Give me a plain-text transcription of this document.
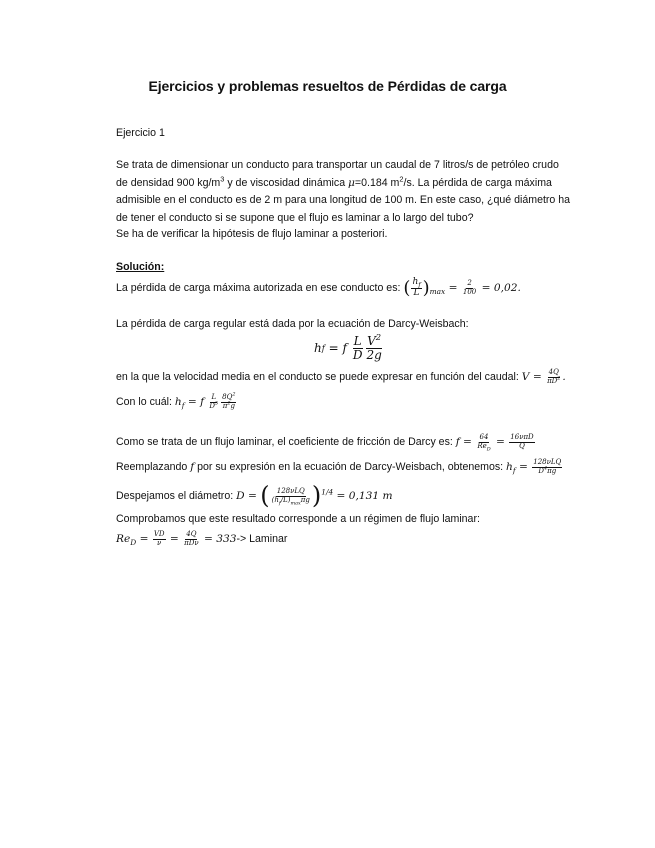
Ejercicios y problemas resueltos de Pérdidas de carga
Ejercicio 1
Se trata de dimensionar un conducto para transportar un caudal de 7 litros/s de petróleo crudo
de densidad 900 $kg/m^3$ y de viscosidad dinámica μ=0.184 $m^2/s$. La pérdida de carga máxima
admisible en el conducto es de 2 m para una longitud de 100 m. En este caso, ¿qué diámetro ha
de tener el conducto si se supone que el flujo es laminar a lo largo del tubo?
Se ha de verificar la hipótesis de flujo laminar a posteriori.
Solución:
La pérdida de carga máxima autorizada en ese conducto es:
( $\frac{h_f}{L} )_{max} = \frac{2}{100} = 0,02$.
La pérdida de carga regular está dada por la ecuación de Darcy-Weisbach:
h f
= f
$\frac{L}{D} \frac{V^2}{2g}$
en la que la velocidad media en el conducto se puede expresar en función del caudal:
$V = \frac{4Q}{\pi D^2}$ .
Con lo cuál:
$h_f = f \frac{L}{D^5} \frac{8Q^2}{\pi^2g}$
Como se trata de un flujo laminar, el coeficiente de fricción de Darcy es:
$f = \frac{64}{Re_D} = \frac{\text{16νπD}}{Q}$
Reemplazando f por su expresión en la ecuación de Darcy-Weisbach, obtenemos:
$h_f = \frac{\text{128νLQ}}{D^4\pi g}$
Despejamos el diámetro:
D = ( $\frac{\text{128νLQ}}{(h_f/L)_{max}\pi g} )^{1/4} = 0,131$ m
Comprobamos que este resultado corresponde a un régimen de flujo laminar:
$Re_D = \frac{VD}{\nu} = \frac{4Q}{\text{πDν}} = 333$ -> Laminar
